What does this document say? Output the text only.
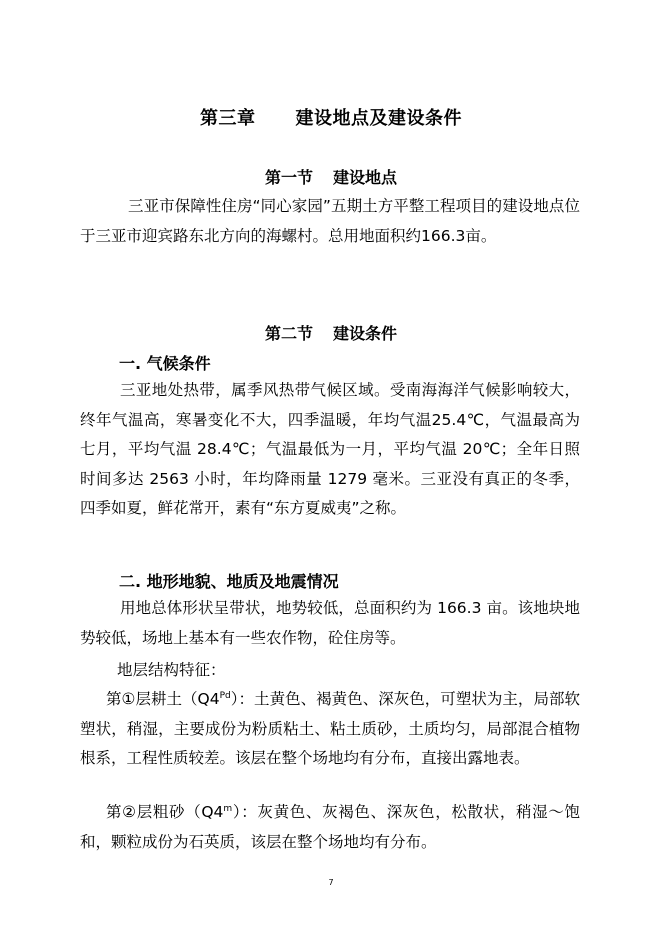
第三章 建设地点及建设条件
第一节 建设地点
三亚市保障性住房“同心家园”五期土方平整工程项目的建设地点位于三亚市迎宾路东北方向的海螺村。总用地面积约166.3亩。
第二节 建设条件
一. 气候条件
三亚地处热带，属季风热带气候区域。受南海海洋气候影响较大，终年气温高，寒暑变化不大，四季温暖，年均气温25.4℃，气温最高为七月，平均气温 28.4℃；气温最低为一月，平均气温 20℃；全年日照时间多达 2563 小时，年均降雨量 1279 毫米。三亚没有真正的冬季，四季如夏，鲜花常开，素有“东方夏威夷”之称。
二. 地形地貌、地质及地震情况
用地总体形状呈带状，地势较低，总面积约为 166.3 亩。该地块地势较低，场地上基本有一些农作物，砼住房等。
地层结构特征：
第①层耕土$(Q4^{Pd})$：土黄色、褐黄色、深灰色，可塑状为主，局部软塑状，稍湿，主要成份为粉质粘土、粘土质砂，土质均匀，局部混合植物根系，工程性质较差。该层在整个场地均有分布，直接出露地表。
第②层粗砂（Q4$^m$）：灰黄色、灰褐色、深灰色，松散状，稍湿～饱和，颗粒成份为石英质，该层在整个场地均有分布。
7
